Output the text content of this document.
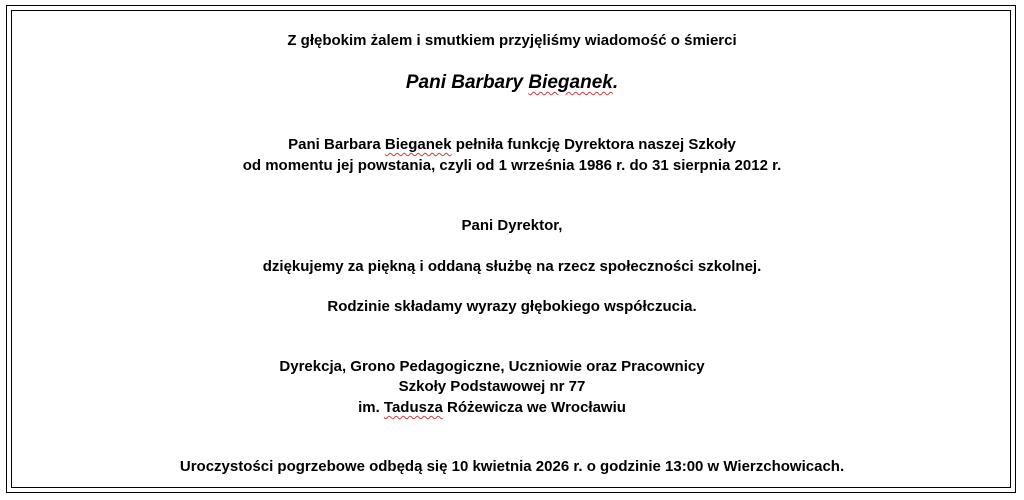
Z głębokim żalem i smutkiem przyjęliśmy wiadomość o śmierci
Pani Barbary Bieganek.
Pani Barbara Bieganek pełniła funkcję Dyrektora naszej Szkoły
od momentu jej powstania, czyli od 1 września 1986 r. do 31 sierpnia 2012 r.
Pani Dyrektor,
dziękujemy za piękną i oddaną służbę na rzecz społeczności szkolnej.
Rodzinie składamy wyrazy głębokiego współczucia.
Dyrekcja, Grono Pedagogiczne, Uczniowie oraz Pracownicy
Szkoły Podstawowej nr 77
im. Tadusza Różewicza we Wrocławiu
Uroczystości pogrzebowe odbędą się 10 kwietnia 2026 r. o godzinie 13:00 w Wierzchowicach.
